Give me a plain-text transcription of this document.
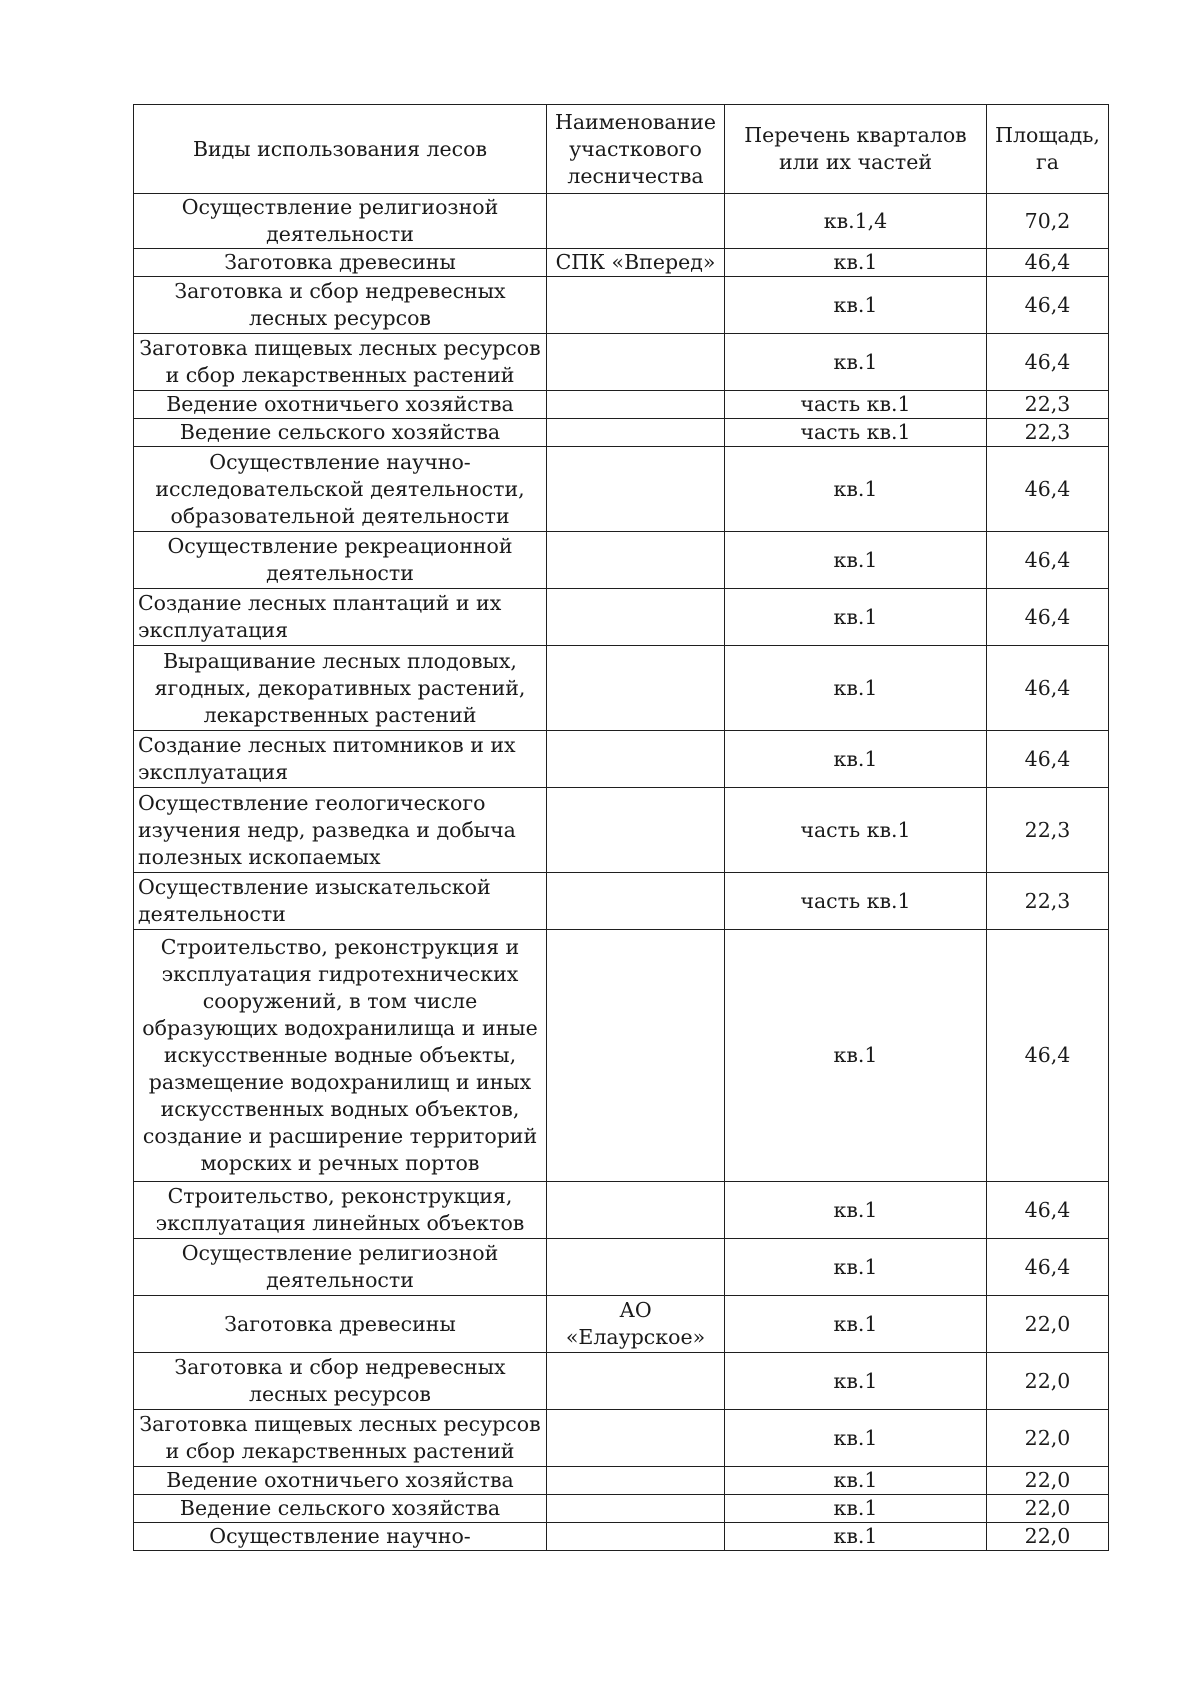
Виды использования лесов	Наименование участкового лесничества	Перечень кварталов или их частей	Площадь,
га
Осуществление религиозной деятельности		кв.1,4	70,2
Заготовка древесины	СПК «Вперед»	кв.1	46,4
Заготовка и сбор недревесных лесных ресурсов		кв.1	46,4
Заготовка пищевых лесных ресурсов и сбор лекарственных растений		кв.1	46,4
Ведение охотничьего хозяйства		часть кв.1	22,3
Ведение сельского хозяйства		часть кв.1	22,3
Осуществление научно-исследовательской деятельности, образовательной деятельности		кв.1	46,4
Осуществление рекреационной деятельности		кв.1	46,4
Создание лесных плантаций и их эксплуатация		кв.1	46,4
Выращивание лесных плодовых, ягодных, декоративных растений, лекарственных растений		кв.1	46,4
Создание лесных питомников и их эксплуатация		кв.1	46,4
Осуществление геологического изучения недр, разведка и добыча полезных ископаемых		часть кв.1	22,3
Осуществление изыскательской деятельности		часть кв.1	22,3
Строительство, реконструкция и эксплуатация гидротехнических сооружений, в том числе образующих водохранилища и иные искусственные водные объекты, размещение водохранилищ и иных искусственных водных объектов, создание и расширение территорий морских и речных портов		кв.1	46,4
Строительство, реконструкция, эксплуатация линейных объектов		кв.1	46,4
Осуществление религиозной деятельности		кв.1	46,4
Заготовка древесины	АО «Елаурское»	кв.1	22,0
Заготовка и сбор недревесных лесных ресурсов		кв.1	22,0
Заготовка пищевых лесных ресурсов и сбор лекарственных растений		кв.1	22,0
Ведение охотничьего хозяйства		кв.1	22,0
Ведение сельского хозяйства		кв.1	22,0
Осуществление научно-		кв.1	22,0
